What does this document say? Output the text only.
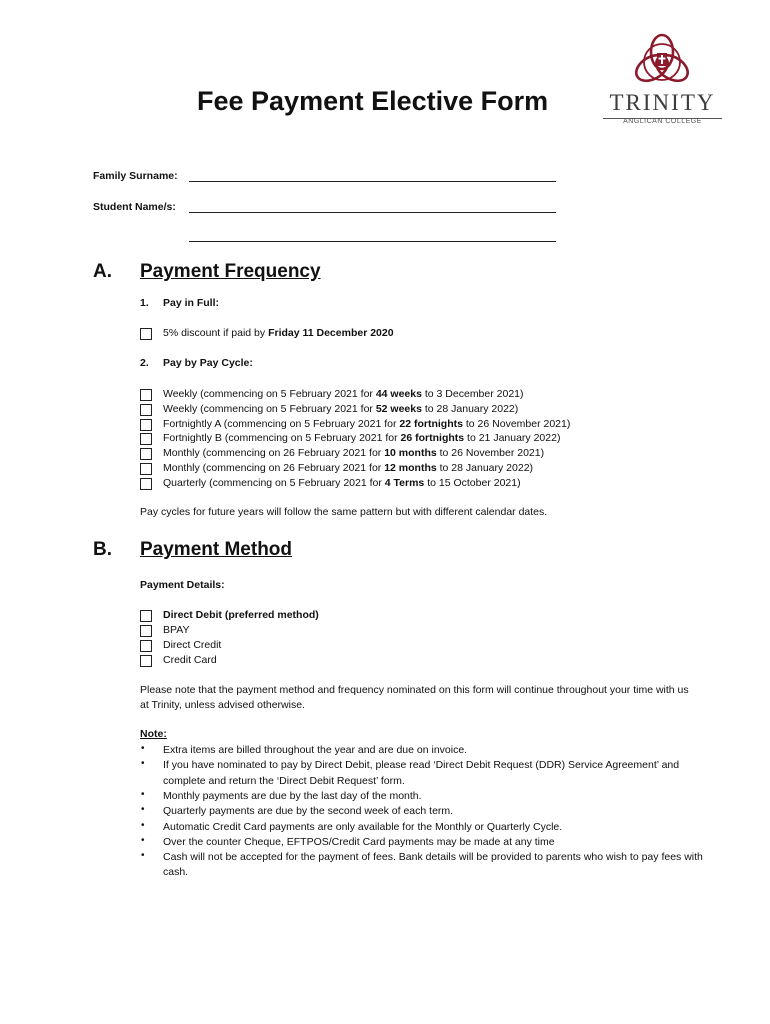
Fee Payment Elective Form	TRINITY
ANGLICAN COLLEGE
Family Surname:
Student Name/s:
A. Payment Frequency
1. Pay in Full:
5% discount if paid by Friday 11 December 2020
2. Pay by Pay Cycle:
Weekly (commencing on 5 February 2021 for 44 weeks to 3 December 2021)
Weekly (commencing on 5 February 2021 for 52 weeks to 28 January 2022)
Fortnightly A (commencing on 5 February 2021 for 22 fortnights to 26 November 2021)
Fortnightly B (commencing on 5 February 2021 for 26 fortnights to 21 January 2022)
Monthly (commencing on 26 February 2021 for 10 months to 26 November 2021)
Monthly (commencing on 26 February 2021 for 12 months to 28 January 2022)
Quarterly (commencing on 5 February 2021 for 4 Terms to 15 October 2021)
Pay cycles for future years will follow the same pattern but with different calendar dates.
B. Payment Method
Payment Details:
Direct Debit (preferred method)
BPAY
Direct Credit
Credit Card
Please note that the payment method and frequency nominated on this form will continue throughout your time with us at Trinity, unless advised otherwise.
Note:
• Extra items are billed throughout the year and are due on invoice.
• If you have nominated to pay by Direct Debit, please read ‘Direct Debit Request (DDR) Service Agreement’ and complete and return the ‘Direct Debit Request’ form.
• Monthly payments are due by the last day of the month.
• Quarterly payments are due by the second week of each term.
• Automatic Credit Card payments are only available for the Monthly or Quarterly Cycle.
• Over the counter Cheque, EFTPOS/Credit Card payments may be made at any time
• Cash will not be accepted for the payment of fees. Bank details will be provided to parents who wish to pay fees with cash.
